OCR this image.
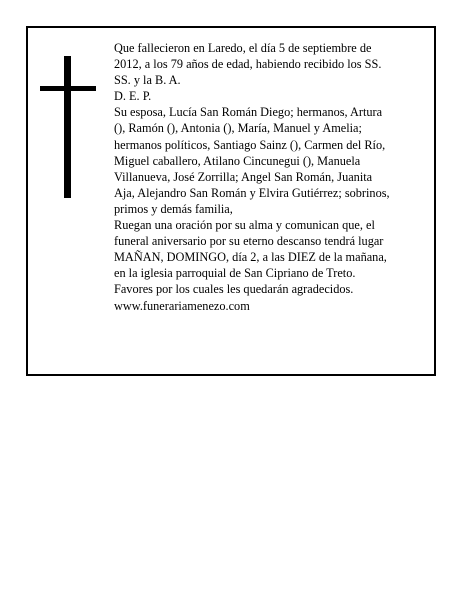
Que fallecieron en Laredo, el día 5 de septiembre de
2012, a los 79 años de edad, habiendo recibido los SS.
SS. y la B. A.
D. E. P.
Su esposa, Lucía San Román Diego; hermanos, Artura
(), Ramón (), Antonia (), María, Manuel y Amelia;
hermanos políticos, Santiago Sainz (), Carmen del Río,
Miguel caballero, Atilano Cincunegui (), Manuela
Villanueva, José Zorrilla; Angel San Román, Juanita
Aja, Alejandro San Román y Elvira Gutiérrez; sobrinos,
primos y demás familia,
Ruegan una oración por su alma y comunican que, el
funeral aniversario por su eterno descanso tendrá lugar
MAÑAN, DOMINGO, día 2, a las DIEZ de la mañana,
en la iglesia parroquial de San Cipriano de Treto.
Favores por los cuales les quedarán agradecidos.
www.funerariamenezo.com
